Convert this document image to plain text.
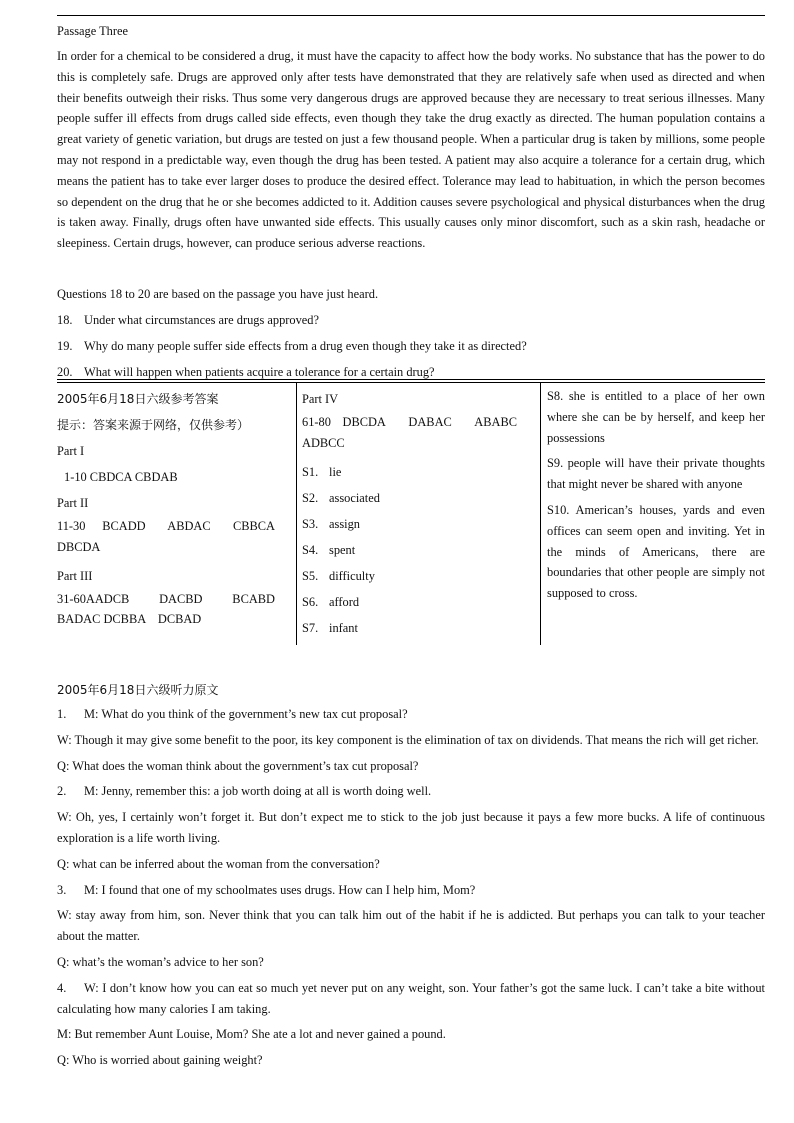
Passage Three

In order for a chemical to be considered a drug, it must have the capacity to affect how the body works. No substance that has the power to do this is completely safe. Drugs are approved only after tests have demonstrated that they are relatively safe when used as directed and when their benefits outweigh their risks. Thus some very dangerous drugs are approved because they are necessary to treat serious illnesses. Many people suffer ill effects from drugs called side effects, even though they take the drug exactly as directed. The human population contains a great variety of genetic variation, but drugs are tested on just a few thousand people. When a particular drug is taken by millions, some people may not respond in a predictable way, even though the drug has been tested. A patient may also acquire a tolerance for a certain drug, which means the patient has to take ever larger doses to produce the desired effect. Tolerance may lead to habituation, in which the person becomes so dependent on the drug that he or she becomes addicted to it. Addition causes severe psychological and physical disturbances when the drug is taken away. Finally, drugs often have unwanted side effects. This usually causes only minor discomfort, such as a skin rash, headache or sleepiness. Certain drugs, however, can produce serious adverse reactions.

Questions 18 to 20 are based on the passage you have just heard.

18. Under what circumstances are drugs approved?

19. Why do many people suffer side effects from a drug even though they take it as directed?

20. What will happen when patients acquire a tolerance for a certain drug?

2005年6月18日六级参考答案
提示：答案来源于网络，仅供参考）
Part I
1-10 CBDCA CBDAB
Part II
11-30   BCADD    ABDAC    CBBCA DBCDA
Part III
31-60AADCB    DACBD    BCABD BADAC DCBBA    DCBAD
Part IV
61-80  DBCDA    DABAC    ABABC ADBCC
S1. lie
S2. associated
S3. assign
S4. spent
S5. difficulty
S6. afford
S7. infant
S8. she is entitled to a place of her own where she can be by herself, and keep her possessions
S9. people will have their private thoughts that might never be shared with anyone
S10. American’s houses, yards and even offices can seem open and inviting. Yet in the minds of Americans, there are boundaries that other people are simply not supposed to cross.
2005年6月18日六级听力原文

1. M: What do you think of the government’s new tax cut proposal?

W: Though it may give some benefit to the poor, its key component is the elimination of tax on dividends. That means the rich will get richer.

Q: What does the woman think about the government’s tax cut proposal?

2. M: Jenny, remember this: a job worth doing at all is worth doing well.

W: Oh, yes, I certainly won’t forget it. But don’t expect me to stick to the job just because it pays a few more bucks. A life of continuous exploration is a life worth living.

Q: what can be inferred about the woman from the conversation?

3. M: I found that one of my schoolmates uses drugs. How can I help him, Mom?

W: stay away from him, son. Never think that you can talk him out of the habit if he is addicted. But perhaps you can talk to your teacher about the matter.

Q: what’s the woman’s advice to her son?

4. W: I don’t know how you can eat so much yet never put on any weight, son. Your father’s got the same luck. I can’t take a bite without calculating how many calories I am taking.

M: But remember Aunt Louise, Mom? She ate a lot and never gained a pound.

Q: Who is worried about gaining weight?
